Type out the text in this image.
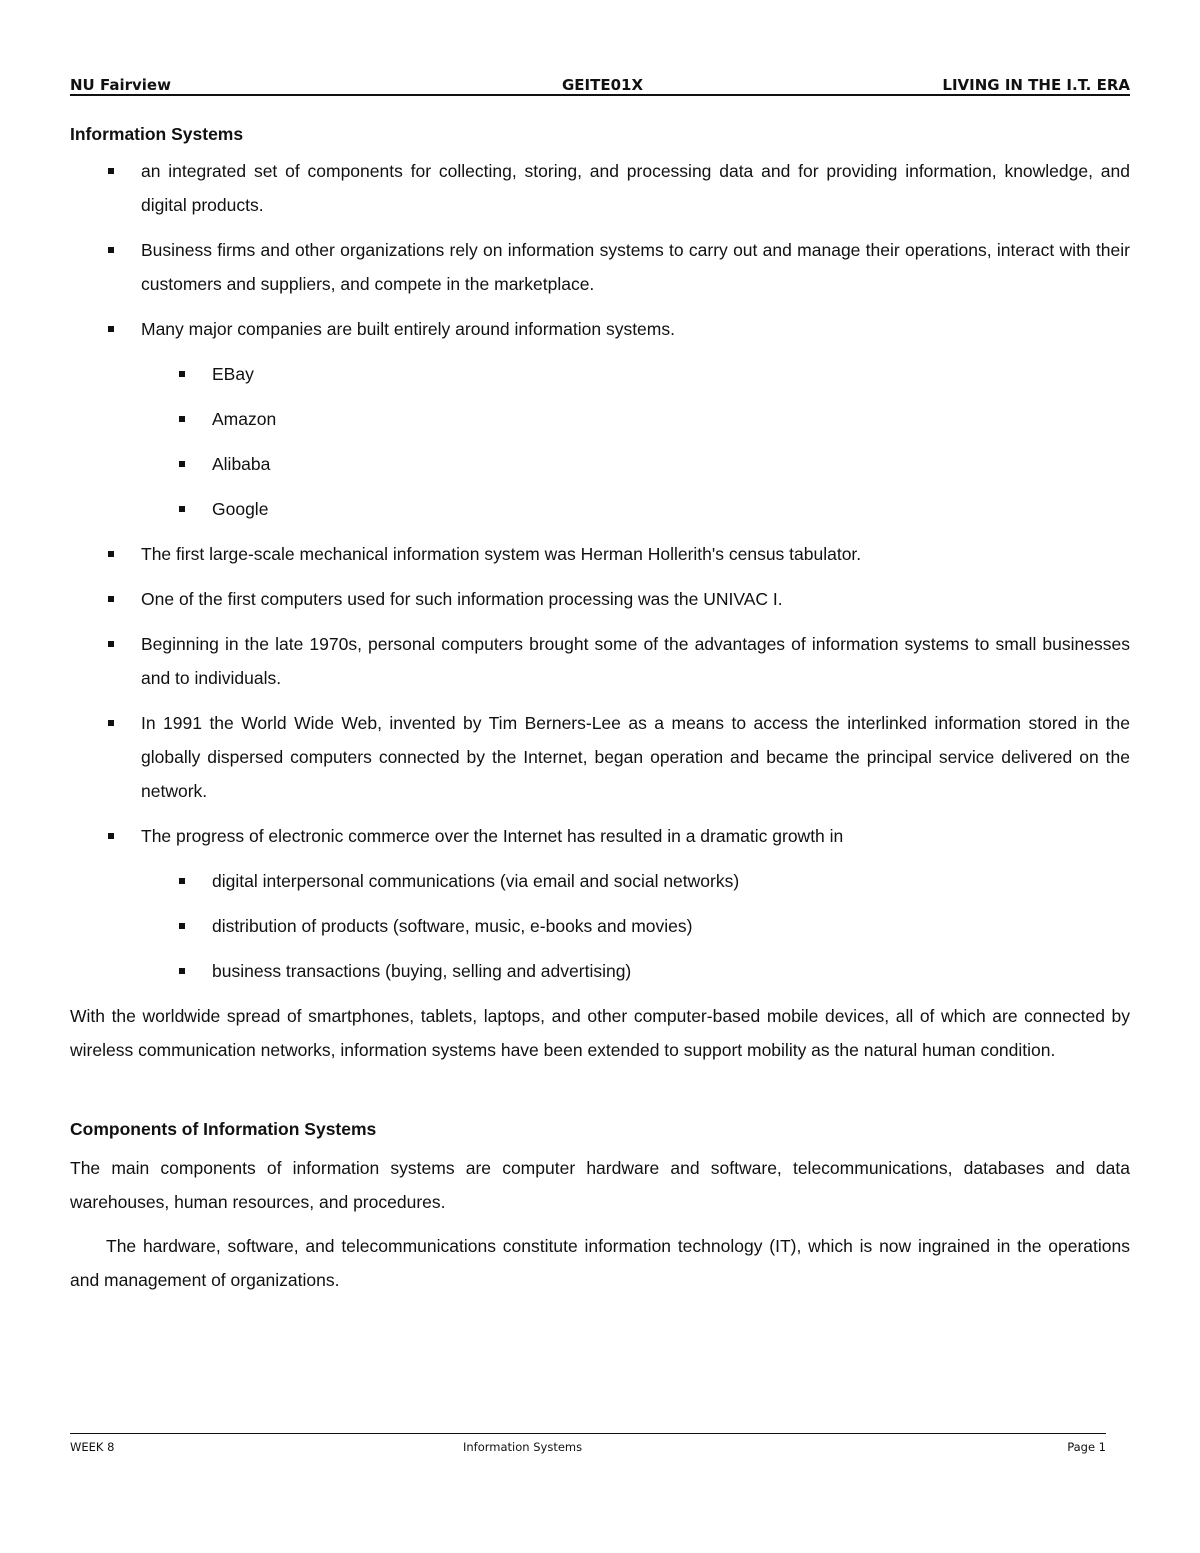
NU Fairview	GEITE01X	LIVING IN THE I.T. ERA
Information Systems
an integrated set of components for collecting, storing, and processing data and for providing information, knowledge, and digital products.
Business firms and other organizations rely on information systems to carry out and manage their operations, interact with their customers and suppliers, and compete in the marketplace.
Many major companies are built entirely around information systems.
EBay
Amazon
Alibaba
Google
The first large-scale mechanical information system was Herman Hollerith's census tabulator.
One of the first computers used for such information processing was the UNIVAC I.
Beginning in the late 1970s, personal computers brought some of the advantages of information systems to small businesses and to individuals.
In 1991 the World Wide Web, invented by Tim Berners-Lee as a means to access the interlinked information stored in the globally dispersed computers connected by the Internet, began operation and became the principal service delivered on the network.
The progress of electronic commerce over the Internet has resulted in a dramatic growth in
digital interpersonal communications (via email and social networks)
distribution of products (software, music, e-books and movies)
business transactions (buying, selling and advertising)

With the worldwide spread of smartphones, tablets, laptops, and other computer-based mobile devices, all of which are connected by wireless communication networks, information systems have been extended to support mobility as the natural human condition.

Components of Information Systems

The main components of information systems are computer hardware and software, telecommunications, databases and data warehouses, human resources, and procedures.

The hardware, software, and telecommunications constitute information technology (IT), which is now ingrained in the operations and management of organizations.

WEEK 8	Information Systems	Page 1
